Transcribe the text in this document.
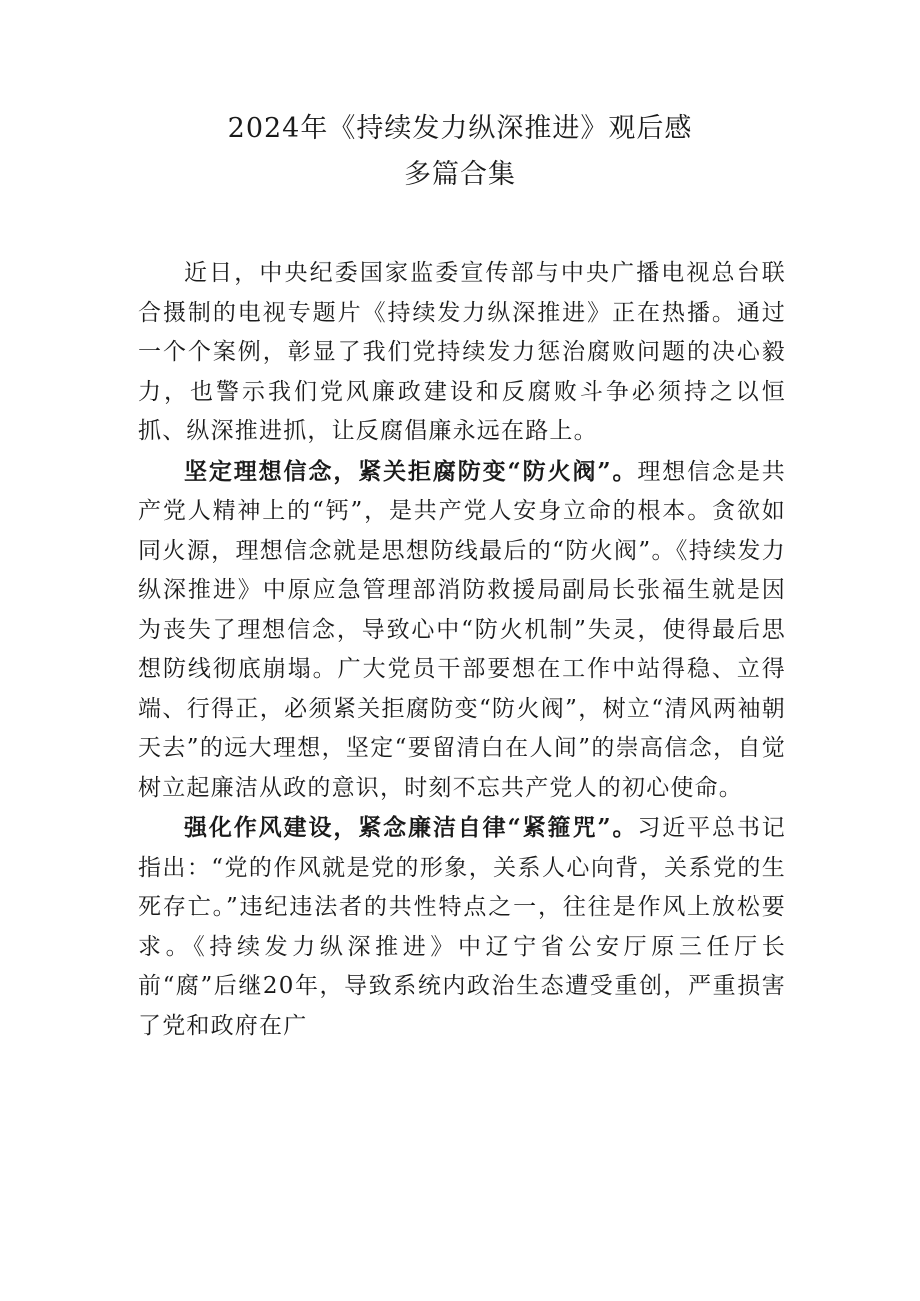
2024年《持续发力纵深推进》观后感
多篇合集

近日，中央纪委国家监委宣传部与中央广播电视总台联合摄制的电视专题片《持续发力纵深推进》正在热播。通过一个个案例，彰显了我们党持续发力惩治腐败问题的决心毅力，也警示我们党风廉政建设和反腐败斗争必须持之以恒抓、纵深推进抓，让反腐倡廉永远在路上。

坚定理想信念，紧关拒腐防变“防火阀”。理想信念是共产党人精神上的“钙”，是共产党人安身立命的根本。贪欲如同火源，理想信念就是思想防线最后的“防火阀”。《持续发力纵深推进》中原应急管理部消防救援局副局长张福生就是因为丧失了理想信念，导致心中“防火机制”失灵，使得最后思想防线彻底崩塌。广大党员干部要想在工作中站得稳、立得端、行得正，必须紧关拒腐防变“防火阀”，树立“清风两袖朝天去”的远大理想，坚定“要留清白在人间”的崇高信念，自觉树立起廉洁从政的意识，时刻不忘共产党人的初心使命。

强化作风建设，紧念廉洁自律“紧箍咒”。习近平总书记指出：“党的作风就是党的形象，关系人心向背，关系党的生死存亡。”违纪违法者的共性特点之一，往往是作风上放松要求。《持续发力纵深推进》中辽宁省公安厅原三任厅长前“腐”后继20年，导致系统内政治生态遭受重创，严重损害了党和政府在广
